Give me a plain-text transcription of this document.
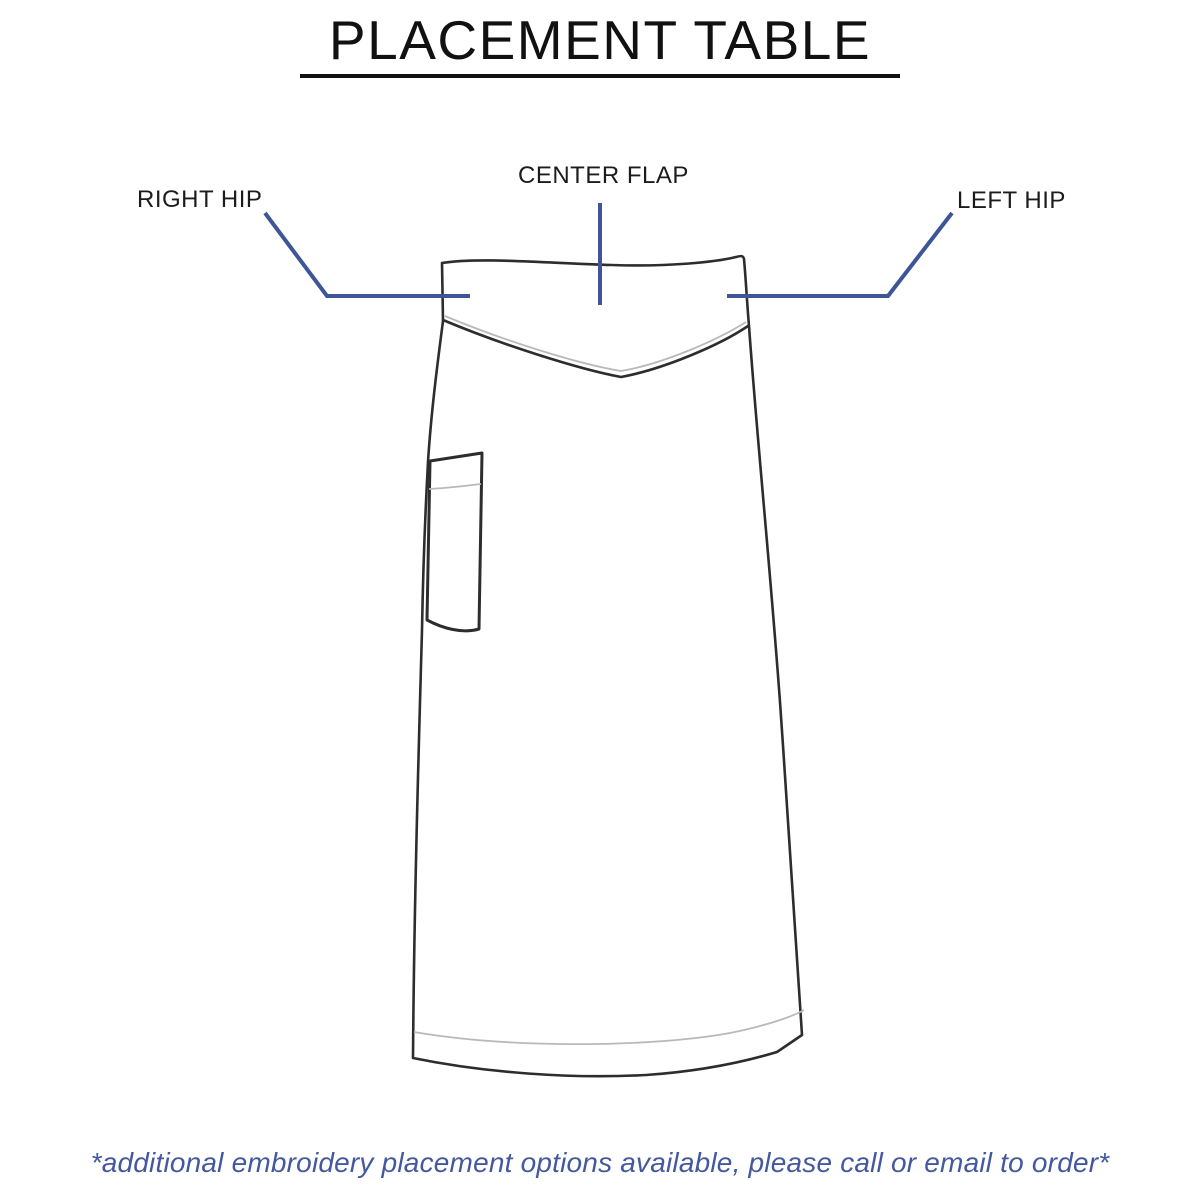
PLACEMENT TABLE
RIGHT HIP
CENTER FLAP
LEFT HIP
*additional embroidery placement options available, please call or email to order*
